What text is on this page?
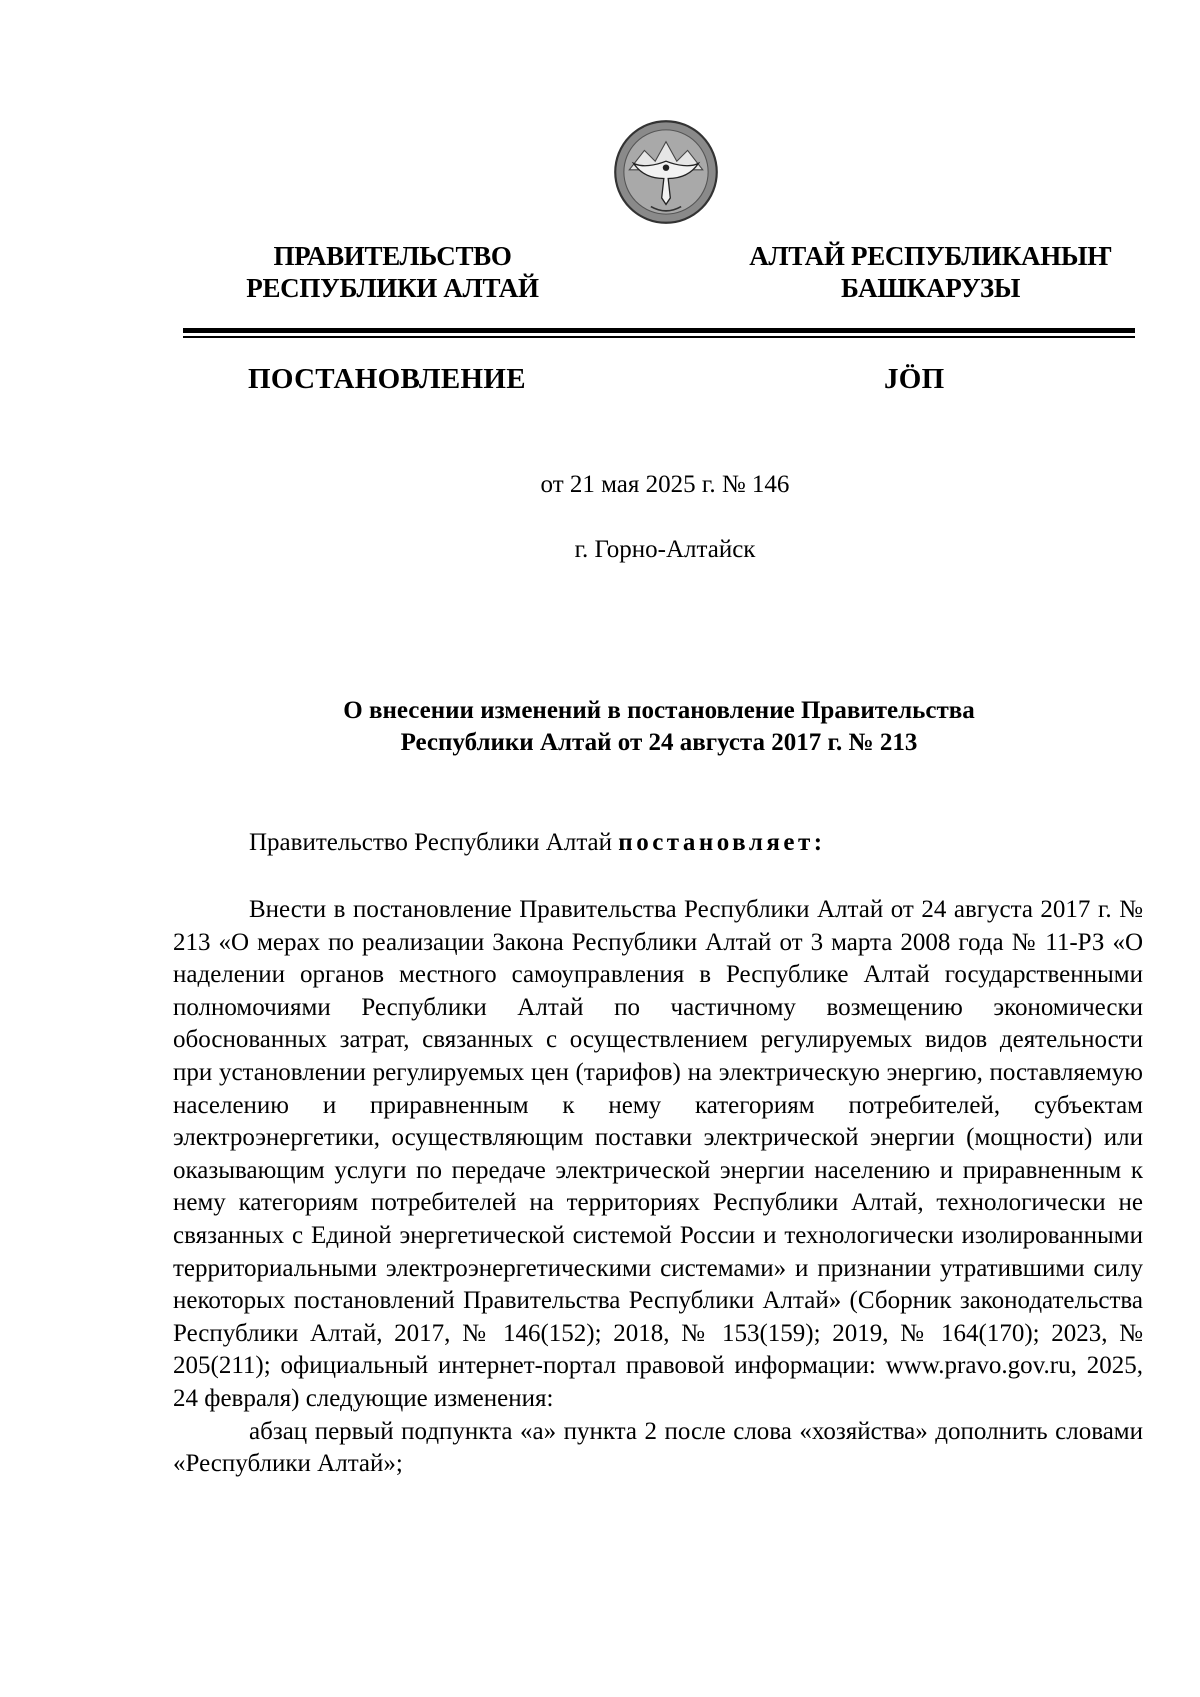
ПРАВИТЕЛЬСТВО
РЕСПУБЛИКИ АЛТАЙ
АЛТАЙ РЕСПУБЛИКАНЫҤ
БАШКАРУЗЫ
ПОСТАНОВЛЕНИЕ	ЈӦП
от 21 мая 2025 г. № 146
г. Горно-Алтайск
О внесении изменений в постановление Правительства
Республики Алтай от 24 августа 2017 г. № 213
Правительство Республики Алтай постановляет:

Внести в постановление Правительства Республики Алтай от 24 августа 2017 г. № 213 «О мерах по реализации Закона Республики Алтай от 3 марта 2008 года № 11-РЗ «О наделении органов местного самоуправления в Республике Алтай государственными полномочиями Республики Алтай по частичному возмещению экономически обоснованных затрат, связанных с осуществлением регулируемых видов деятельности при установлении регулируемых цен (тарифов) на электрическую энергию, поставляемую населению и приравненным к нему категориям потребителей, субъектам электроэнергетики, осуществляющим поставки электрической энергии (мощности) или оказывающим услуги по передаче электрической энергии населению и приравненным к нему категориям потребителей на территориях Республики Алтай, технологически не связанных с Единой энергетической системой России и технологически изолированными территориальными электроэнергетическими системами» и признании утратившими силу некоторых постановлений Правительства Республики Алтай» (Сборник законодательства Республики Алтай, 2017, № 146(152); 2018, № 153(159); 2019, № 164(170); 2023, № 205(211); официальный интернет-портал правовой информации: www.pravo.gov.ru, 2025, 24 февраля) следующие изменения:

абзац первый подпункта «а» пункта 2 после слова «хозяйства» дополнить словами «Республики Алтай»;
